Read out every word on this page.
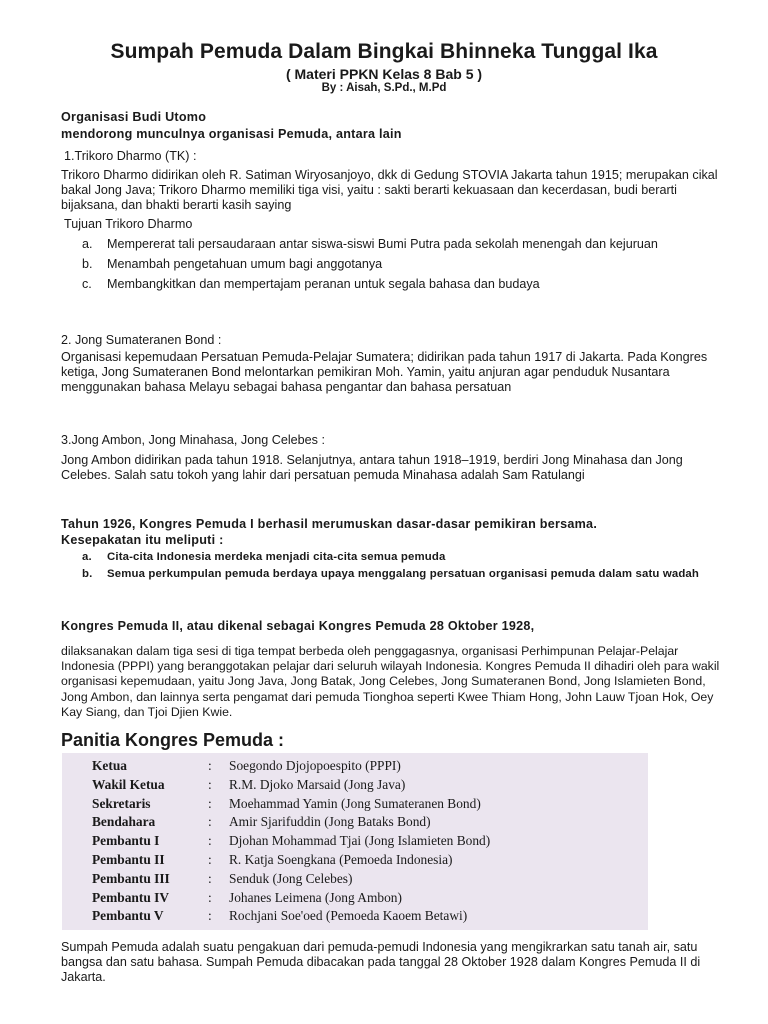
Sumpah Pemuda Dalam Bingkai Bhinneka Tunggal Ika
( Materi PPKN Kelas 8 Bab 5 )
By : Aisah, S.Pd., M.Pd
Organisasi Budi Utomo
mendorong munculnya organisasi Pemuda, antara lain
1.Trikoro Dharmo (TK) :
Trikoro Dharmo didirikan oleh R. Satiman Wiryosanjoyo, dkk di Gedung STOVIA Jakarta tahun 1915; merupakan cikal bakal Jong Java; Trikoro Dharmo memiliki tiga visi, yaitu : sakti berarti kekuasaan dan kecerdasan, budi berarti bijaksana, dan bhakti berarti kasih saying
Tujuan Trikoro Dharmo
a. Mempererat tali persaudaraan antar siswa-siswi Bumi Putra pada sekolah menengah dan kejuruan
b. Menambah pengetahuan umum bagi anggotanya
c. Membangkitkan dan mempertajam peranan untuk segala bahasa dan budaya
2. Jong Sumateranen Bond :
Organisasi kepemudaan Persatuan Pemuda-Pelajar Sumatera; didirikan pada tahun 1917 di Jakarta. Pada Kongres ketiga, Jong Sumateranen Bond melontarkan pemikiran Moh. Yamin, yaitu anjuran agar penduduk Nusantara menggunakan bahasa Melayu sebagai bahasa pengantar dan bahasa persatuan
3.Jong Ambon, Jong Minahasa, Jong Celebes :
Jong Ambon didirikan pada tahun 1918. Selanjutnya, antara tahun 1918–1919, berdiri Jong Minahasa dan Jong Celebes. Salah satu tokoh yang lahir dari persatuan pemuda Minahasa adalah Sam Ratulangi
Tahun 1926, Kongres Pemuda I berhasil merumuskan dasar-dasar pemikiran bersama.
Kesepakatan itu meliputi :
a. Cita-cita Indonesia merdeka menjadi cita-cita semua pemuda
b. Semua perkumpulan pemuda berdaya upaya menggalang persatuan organisasi pemuda dalam satu wadah
Kongres Pemuda II, atau dikenal sebagai Kongres Pemuda 28 Oktober 1928,
dilaksanakan dalam tiga sesi di tiga tempat berbeda oleh penggagasnya, organisasi Perhimpunan Pelajar-Pelajar Indonesia (PPPI) yang beranggotakan pelajar dari seluruh wilayah Indonesia. Kongres Pemuda II dihadiri oleh para wakil organisasi kepemudaan, yaitu Jong Java, Jong Batak, Jong Celebes, Jong Sumateranen Bond, Jong Islamieten Bond, Jong Ambon, dan lainnya serta pengamat dari pemuda Tionghoa seperti Kwee Thiam Hong, John Lauw Tjoan Hok, Oey Kay Siang, dan Tjoi Djien Kwie.
Panitia Kongres Pemuda :
Ketua	: Soegondo Djojopoespito (PPPI)
Wakil Ketua	: R.M. Djoko Marsaid (Jong Java)
Sekretaris	: Moehammad Yamin (Jong Sumateranen Bond)
Bendahara	: Amir Sjarifuddin (Jong Bataks Bond)
Pembantu I	: Djohan Mohammad Tjai (Jong Islamieten Bond)
Pembantu II	: R. Katja Soengkana (Pemoeda Indonesia)
Pembantu III	: Senduk (Jong Celebes)
Pembantu IV	: Johanes Leimena (Jong Ambon)
Pembantu V	: Rochjani Soe'oed (Pemoeda Kaoem Betawi)
Sumpah Pemuda adalah suatu pengakuan dari pemuda-pemudi Indonesia yang mengikrarkan satu tanah air, satu bangsa dan satu bahasa. Sumpah Pemuda dibacakan pada tanggal 28 Oktober 1928 dalam Kongres Pemuda II di Jakarta.
